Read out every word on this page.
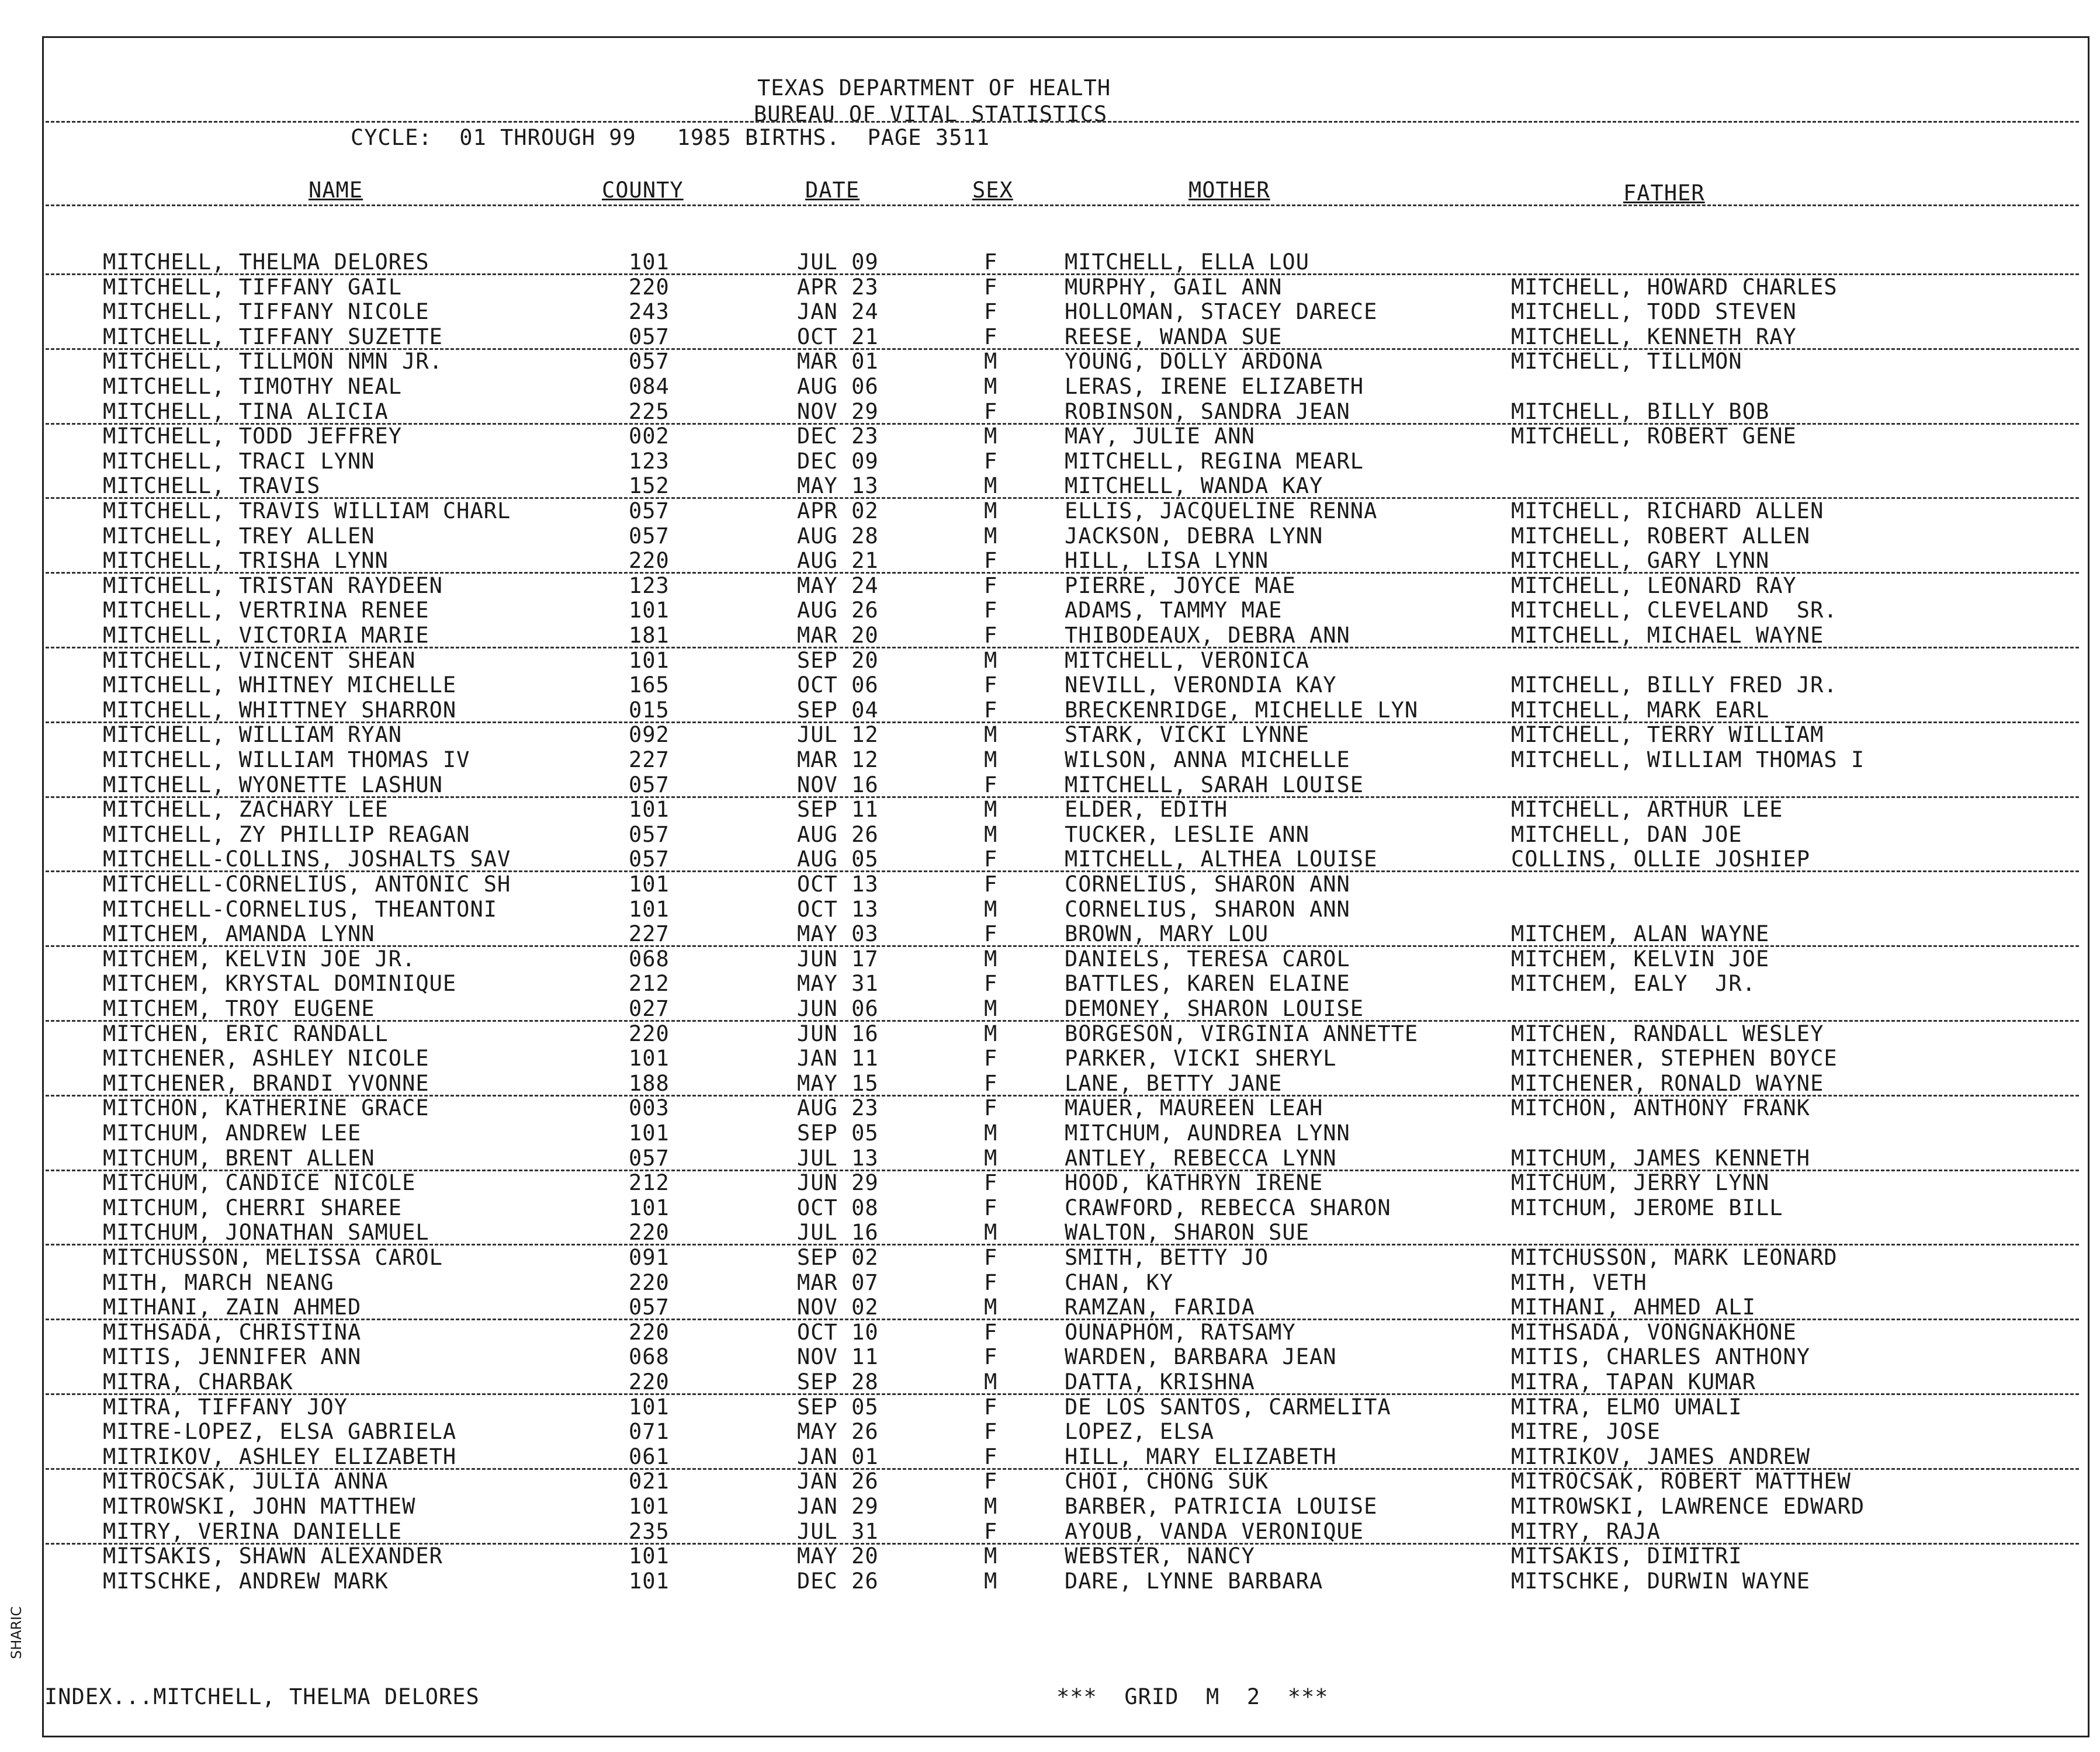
TEXAS DEPARTMENT OF HEALTH
BUREAU OF VITAL STATISTICS
CYCLE:  01 THROUGH 99   1985 BIRTHS.  PAGE 3511
NAME	COUNTY	DATE	SEX	MOTHER	FATHER
MITCHELL, THELMA DELORES	101	JUL 09	F	MITCHELL, ELLA LOU
MITCHELL, TIFFANY GAIL	220	APR 23	F	MURPHY, GAIL ANN	MITCHELL, HOWARD CHARLES
MITCHELL, TIFFANY NICOLE	243	JAN 24	F	HOLLOMAN, STACEY DARECE	MITCHELL, TODD STEVEN
MITCHELL, TIFFANY SUZETTE	057	OCT 21	F	REESE, WANDA SUE	MITCHELL, KENNETH RAY
MITCHELL, TILLMON NMN JR.	057	MAR 01	M	YOUNG, DOLLY ARDONA	MITCHELL, TILLMON
MITCHELL, TIMOTHY NEAL	084	AUG 06	M	LERAS, IRENE ELIZABETH
MITCHELL, TINA ALICIA	225	NOV 29	F	ROBINSON, SANDRA JEAN	MITCHELL, BILLY BOB
MITCHELL, TODD JEFFREY	002	DEC 23	M	MAY, JULIE ANN	MITCHELL, ROBERT GENE
MITCHELL, TRACI LYNN	123	DEC 09	F	MITCHELL, REGINA MEARL
MITCHELL, TRAVIS	152	MAY 13	M	MITCHELL, WANDA KAY
MITCHELL, TRAVIS WILLIAM CHARL	057	APR 02	M	ELLIS, JACQUELINE RENNA	MITCHELL, RICHARD ALLEN
MITCHELL, TREY ALLEN	057	AUG 28	M	JACKSON, DEBRA LYNN	MITCHELL, ROBERT ALLEN
MITCHELL, TRISHA LYNN	220	AUG 21	F	HILL, LISA LYNN	MITCHELL, GARY LYNN
MITCHELL, TRISTAN RAYDEEN	123	MAY 24	F	PIERRE, JOYCE MAE	MITCHELL, LEONARD RAY
MITCHELL, VERTRINA RENEE	101	AUG 26	F	ADAMS, TAMMY MAE	MITCHELL, CLEVELAND  SR.
MITCHELL, VICTORIA MARIE	181	MAR 20	F	THIBODEAUX, DEBRA ANN	MITCHELL, MICHAEL WAYNE
MITCHELL, VINCENT SHEAN	101	SEP 20	M	MITCHELL, VERONICA
MITCHELL, WHITNEY MICHELLE	165	OCT 06	F	NEVILL, VERONDIA KAY	MITCHELL, BILLY FRED JR.
MITCHELL, WHITTNEY SHARRON	015	SEP 04	F	BRECKENRIDGE, MICHELLE LYN	MITCHELL, MARK EARL
MITCHELL, WILLIAM RYAN	092	JUL 12	M	STARK, VICKI LYNNE	MITCHELL, TERRY WILLIAM
MITCHELL, WILLIAM THOMAS IV	227	MAR 12	M	WILSON, ANNA MICHELLE	MITCHELL, WILLIAM THOMAS I
MITCHELL, WYONETTE LASHUN	057	NOV 16	F	MITCHELL, SARAH LOUISE
MITCHELL, ZACHARY LEE	101	SEP 11	M	ELDER, EDITH	MITCHELL, ARTHUR LEE
MITCHELL, ZY PHILLIP REAGAN	057	AUG 26	M	TUCKER, LESLIE ANN	MITCHELL, DAN JOE
MITCHELL-COLLINS, JOSHALTS SAV	057	AUG 05	F	MITCHELL, ALTHEA LOUISE	COLLINS, OLLIE JOSHIEP
MITCHELL-CORNELIUS, ANTONIC SH	101	OCT 13	F	CORNELIUS, SHARON ANN
MITCHELL-CORNELIUS, THEANTONI	101	OCT 13	M	CORNELIUS, SHARON ANN
MITCHEM, AMANDA LYNN	227	MAY 03	F	BROWN, MARY LOU	MITCHEM, ALAN WAYNE
MITCHEM, KELVIN JOE JR.	068	JUN 17	M	DANIELS, TERESA CAROL	MITCHEM, KELVIN JOE
MITCHEM, KRYSTAL DOMINIQUE	212	MAY 31	F	BATTLES, KAREN ELAINE	MITCHEM, EALY  JR.
MITCHEM, TROY EUGENE	027	JUN 06	M	DEMONEY, SHARON LOUISE
MITCHEN, ERIC RANDALL	220	JUN 16	M	BORGESON, VIRGINIA ANNETTE	MITCHEN, RANDALL WESLEY
MITCHENER, ASHLEY NICOLE	101	JAN 11	F	PARKER, VICKI SHERYL	MITCHENER, STEPHEN BOYCE
MITCHENER, BRANDI YVONNE	188	MAY 15	F	LANE, BETTY JANE	MITCHENER, RONALD WAYNE
MITCHON, KATHERINE GRACE	003	AUG 23	F	MAUER, MAUREEN LEAH	MITCHON, ANTHONY FRANK
MITCHUM, ANDREW LEE	101	SEP 05	M	MITCHUM, AUNDREA LYNN
MITCHUM, BRENT ALLEN	057	JUL 13	M	ANTLEY, REBECCA LYNN	MITCHUM, JAMES KENNETH
MITCHUM, CANDICE NICOLE	212	JUN 29	F	HOOD, KATHRYN IRENE	MITCHUM, JERRY LYNN
MITCHUM, CHERRI SHAREE	101	OCT 08	F	CRAWFORD, REBECCA SHARON	MITCHUM, JEROME BILL
MITCHUM, JONATHAN SAMUEL	220	JUL 16	M	WALTON, SHARON SUE
MITCHUSSON, MELISSA CAROL	091	SEP 02	F	SMITH, BETTY JO	MITCHUSSON, MARK LEONARD
MITH, MARCH NEANG	220	MAR 07	F	CHAN, KY	MITH, VETH
MITHANI, ZAIN AHMED	057	NOV 02	M	RAMZAN, FARIDA	MITHANI, AHMED ALI
MITHSADA, CHRISTINA	220	OCT 10	F	OUNAPHOM, RATSAMY	MITHSADA, VONGNAKHONE
MITIS, JENNIFER ANN	068	NOV 11	F	WARDEN, BARBARA JEAN	MITIS, CHARLES ANTHONY
MITRA, CHARBAK	220	SEP 28	M	DATTA, KRISHNA	MITRA, TAPAN KUMAR
MITRA, TIFFANY JOY	101	SEP 05	F	DE LOS SANTOS, CARMELITA	MITRA, ELMO UMALI
MITRE-LOPEZ, ELSA GABRIELA	071	MAY 26	F	LOPEZ, ELSA	MITRE, JOSE
MITRIKOV, ASHLEY ELIZABETH	061	JAN 01	F	HILL, MARY ELIZABETH	MITRIKOV, JAMES ANDREW
MITROCSAK, JULIA ANNA	021	JAN 26	F	CHOI, CHONG SUK	MITROCSAK, ROBERT MATTHEW
MITROWSKI, JOHN MATTHEW	101	JAN 29	M	BARBER, PATRICIA LOUISE	MITROWSKI, LAWRENCE EDWARD
MITRY, VERINA DANIELLE	235	JUL 31	F	AYOUB, VANDA VERONIQUE	MITRY, RAJA
MITSAKIS, SHAWN ALEXANDER	101	MAY 20	M	WEBSTER, NANCY	MITSAKIS, DIMITRI
MITSCHKE, ANDREW MARK	101	DEC 26	M	DARE, LYNNE BARBARA	MITSCHKE, DURWIN WAYNE
INDEX...MITCHELL, THELMA DELORES	***  GRID  M  2  ***
SHARIC
